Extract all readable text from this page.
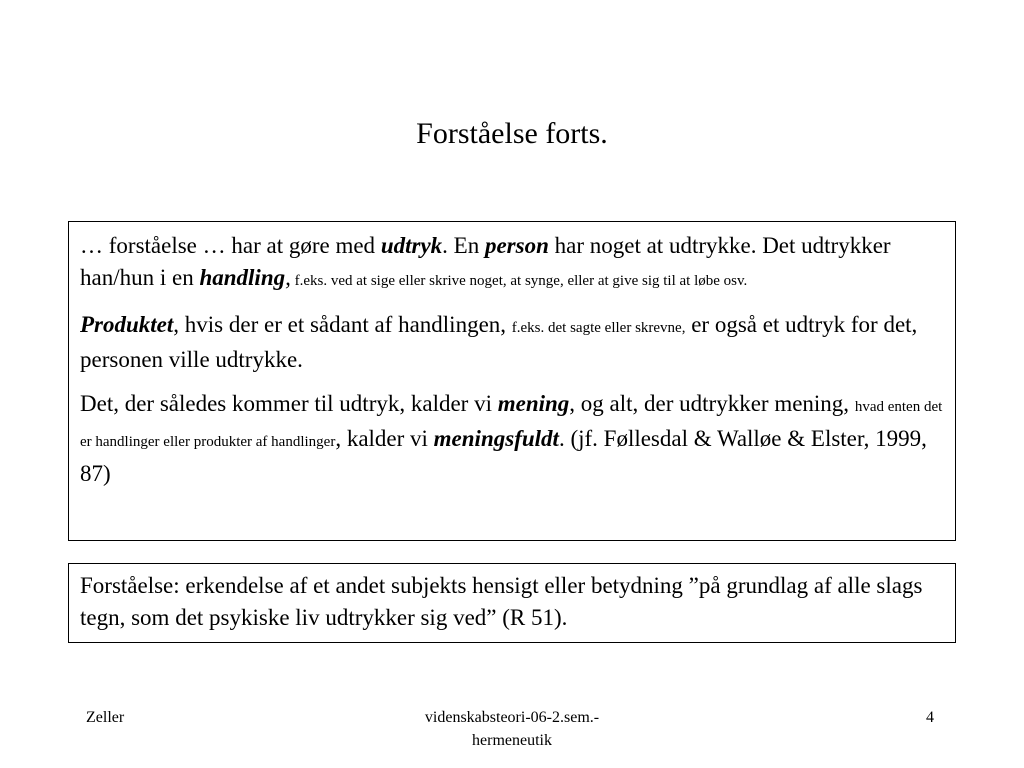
Forståelse forts.

… forståelse … har at gøre med udtryk. En person har noget at udtrykke. Det udtrykker han/hun i en handling, f.eks. ved at sige eller skrive noget, at synge, eller at give sig til at løbe osv.

Produktet, hvis der er et sådant af handlingen, f.eks. det sagte eller skrevne, er også et udtryk for det, personen ville udtrykke.

Det, der således kommer til udtryk, kalder vi mening, og alt, der udtrykker mening, hvad enten det er handlinger eller produkter af handlinger, kalder vi meningsfuldt. (jf. Føllesdal & Walløe & Elster, 1999, 87)

Forståelse: erkendelse af et andet subjekts hensigt eller betydning ”på grundlag af alle slags tegn, som det psykiske liv udtrykker sig ved” (R 51).

Zeller	videnskabsteori-06-2.sem.-
hermeneutik
4
